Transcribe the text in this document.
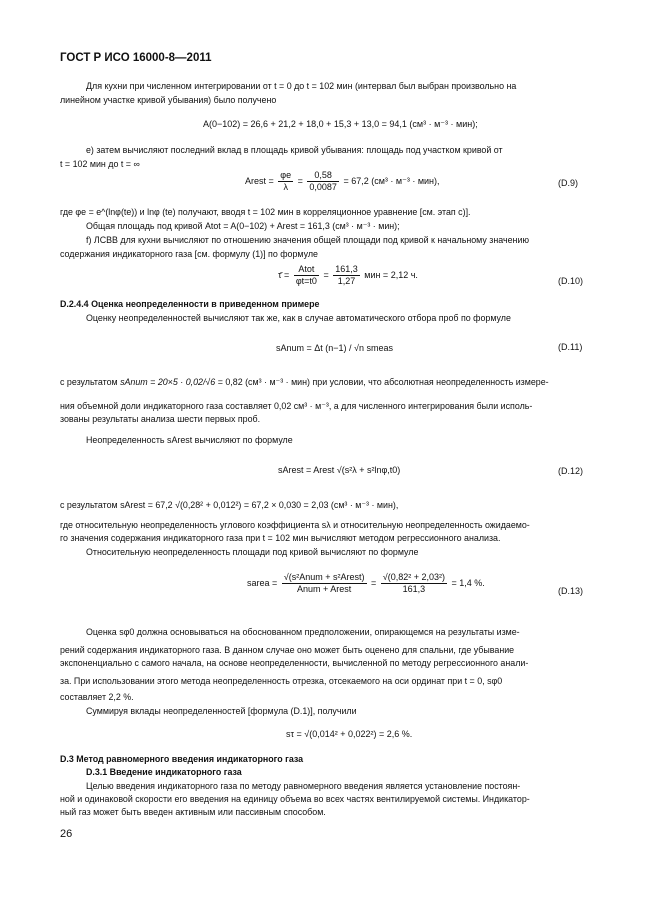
ГОСТ Р ИСО 16000-8—2011
Для кухни при численном интегрировании от t = 0 до t = 102 мин (интервал был выбран произвольно на
линейном участке кривой убывания) было получено
A(0−102) = 26,6 + 21,2 + 18,0 + 15,3 + 13,0 = 94,1 (см³ · м⁻³ · мин);
e) затем вычисляют последний вклад в площадь кривой убывания: площадь под участком кривой от
t = 102 мин до t = ∞
Arest = $\frac{\varphi e}{\lambda} = \frac{0,58}{0,0087} = 67,2$ (см³ · м⁻³ · мин),	(D.9)
где φe = e^(lnφ(te)) и lnφ (te) получают, вводя t = 102 мин в корреляционное уравнение [см. этап c)].
Общая площадь под кривой Atot = A(0−102) + Arest = 161,3 (см³ · м⁻³ · мин);
f) ЛСВВ для кухни вычисляют по отношению значения общей площади под кривой к начальному значению
содержания индикаторного газа [см. формулу (1)] по формуле
τ̄ = $\frac{\text{Atot}}{\varphi t=t0} = \frac{161,3}{1,27}$ мин = 2,12 ч.
(D.10)
D.2.4.4 Оценка неопределенности в приведенном примере
Оценку неопределенностей вычисляют так же, как в случае автоматического отбора проб по формуле
sAnum = Δt (n−1) / √n smeas	(D.11)
с результатом sAnum = 20×5 · 0,02/√6 = 0,82 (см³ · м⁻³ · мин) при условии, что абсолютная неопределенность измере-
ния объемной доли индикаторного газа составляет 0,02 см³ · м⁻³, а для численного интегрирования были исполь-
зованы результаты анализа шести первых проб.
Неопределенность sArest вычисляют по формуле
sArest = Arest √(s²λ + s²lnφ,t0)	(D.12)
с результатом sArest = 67,2 √(0,28² + 0,012²) = 67,2 × 0,030 = 2,03 (см³ · м⁻³ · мин),
где относительную неопределенность углового коэффициента sλ и относительную неопределенность ожидаемо-
го значения содержания индикаторного газа при t = 102 мин вычисляют методом регрессионного анализа.
Относительную неопределенность площади под кривой вычисляют по формуле
sarea = $\frac{\text{√(s²Anum + s²Arest)}}{\text{Anum + Arest}} = \frac{\text{√(0,82² + 2,03²)}}{161,3} = 1,4$ %.
(D.13)
Оценка sφ0 должна основываться на обоснованном предположении, опирающемся на результаты изме-
рений содержания индикаторного газа. В данном случае оно может быть оценено для спальни, где убывание
экспоненциально с самого начала, на основе неопределенности, вычисленной по методу регрессионного анали-
за. При использовании этого метода неопределенность отрезка, отсекаемого на оси ординат при t = 0, sφ0
составляет 2,2 %.
Суммируя вклады неопределенностей [формула (D.1)], получили
sτ = √(0,014² + 0,022²) = 2,6 %.
D.3 Метод равномерного введения индикаторного газа
D.3.1 Введение индикаторного газа
Целью введения индикаторного газа по методу равномерного введения является установление постоян-
ной и одинаковой скорости его введения на единицу объема во всех частях вентилируемой системы. Индикатор-
ный газ может быть введен активным или пассивным способом.
26
